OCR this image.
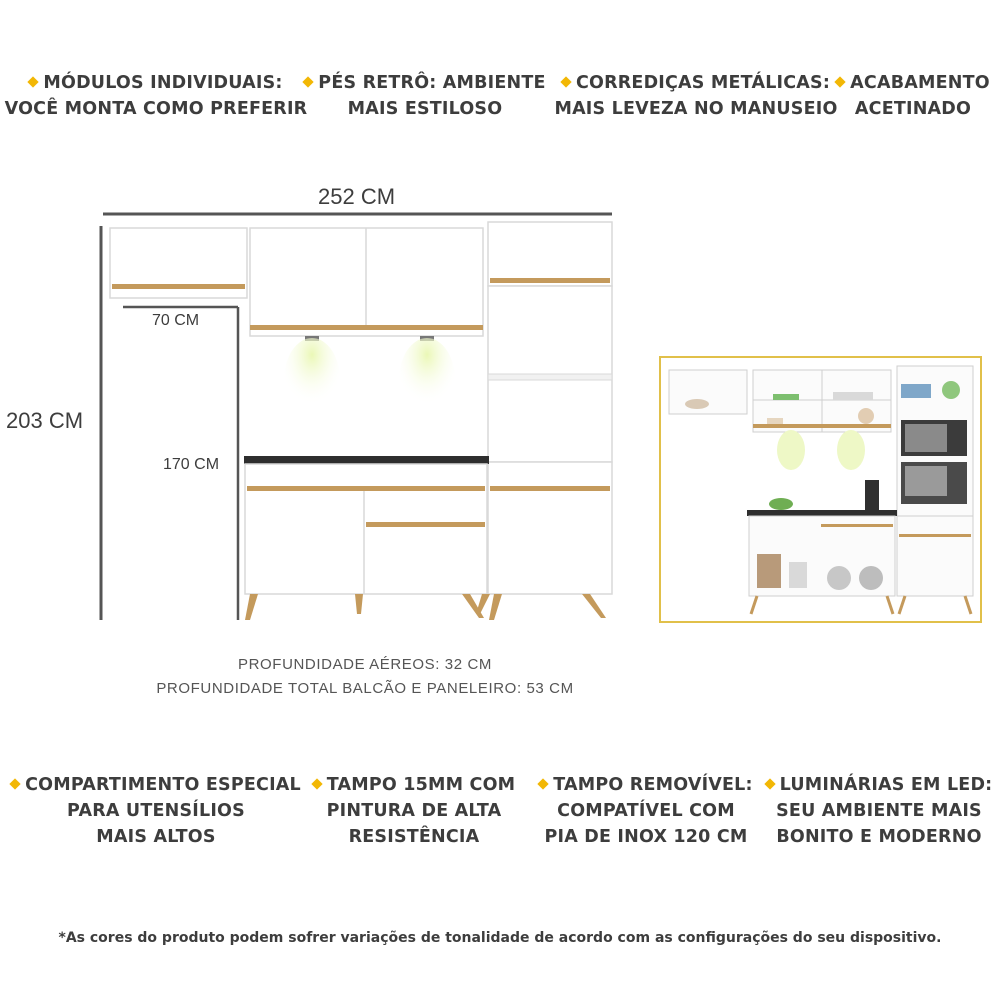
MÓDULOS INDIVIDUAIS:
VOCÊ MONTA COMO PREFERIR
PÉS RETRÔ: AMBIENTE
MAIS ESTILOSO
CORREDIÇAS METÁLICAS:
MAIS LEVEZA NO MANUSEIO
ACABAMENTO
ACETINADO
252 CM
203 CM
70 CM
170 CM
PROFUNDIDADE AÉREOS: 32 CM
PROFUNDIDADE TOTAL BALCÃO E PANELEIRO: 53 CM
COMPARTIMENTO ESPECIAL
PARA UTENSÍLIOS
MAIS ALTOS
TAMPO 15MM COM
PINTURA DE ALTA
RESISTÊNCIA
TAMPO REMOVÍVEL:
COMPATÍVEL COM
PIA DE INOX 120 CM
LUMINÁRIAS EM LED:
SEU AMBIENTE MAIS
BONITO E MODERNO
*As cores do produto podem sofrer variações de tonalidade de acordo com as configurações do seu dispositivo.
